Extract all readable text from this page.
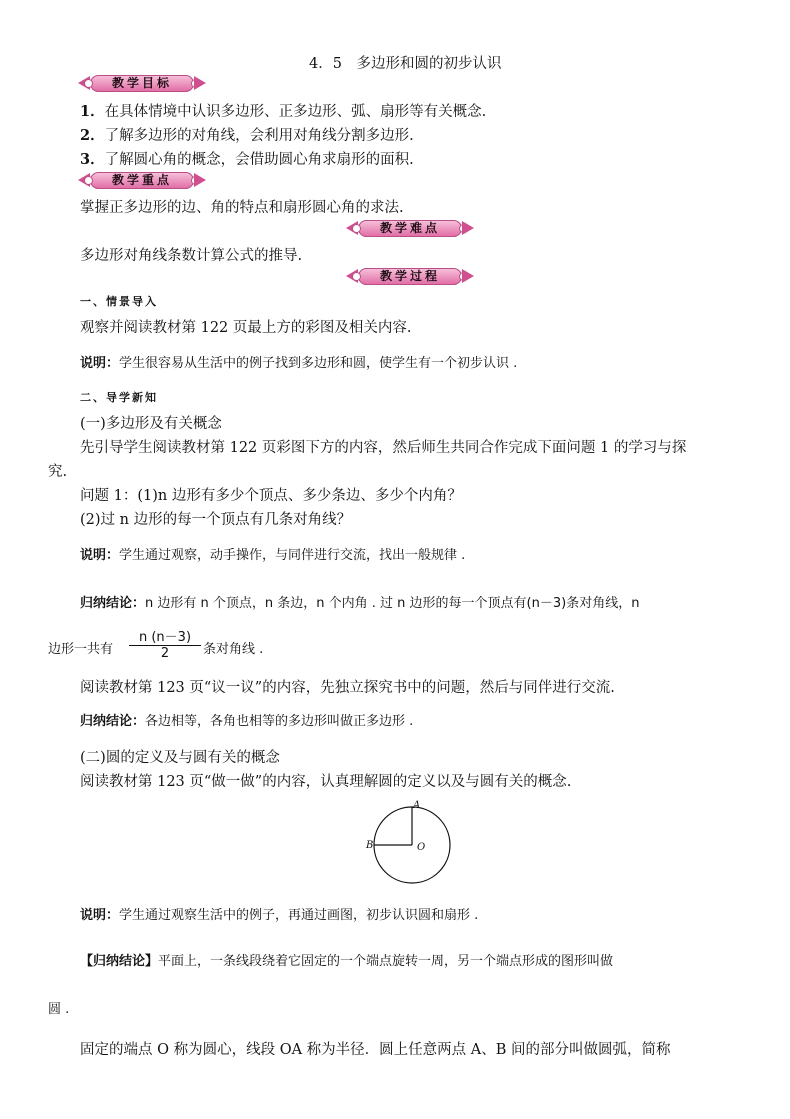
4．5　多边形和圆的初步认识
教学目标
1．在具体情境中认识多边形、正多边形、弧、扇形等有关概念.
2．了解多边形的对角线，会利用对角线分割多边形.
3．了解圆心角的概念，会借助圆心角求扇形的面积.
教学重点
掌握正多边形的边、角的特点和扇形圆心角的求法.
教学难点
多边形对角线条数计算公式的推导.
教学过程
一、情景导入
观察并阅读教材第 122 页最上方的彩图及相关内容.
说明：学生很容易从生活中的例子找到多边形和圆，使学生有一个初步认识 .
二、导学新知
(一)多边形及有关概念
先引导学生阅读教材第 122 页彩图下方的内容，然后师生共同合作完成下面问题 1 的学习与探
究.
问题 1：(1)n 边形有多少个顶点、多少条边、多少个内角？
(2)过 n 边形的每一个顶点有几条对角线？
说明：学生通过观察，动手操作，与同伴进行交流，找出一般规律 .
归纳结论：n 边形有 n 个顶点，n 条边，n 个内角 . 过 n 边形的每一个顶点有(n－3)条对角线，n
边形一共有 $\frac{n (n-3)}{2}$ 条对角线 .
阅读教材第 123 页“议一议”的内容，先独立探究书中的问题，然后与同伴进行交流.
归纳结论：各边相等，各角也相等的多边形叫做正多边形 .
(二)圆的定义及与圆有关的概念
阅读教材第 123 页“做一做”的内容，认真理解圆的定义以及与圆有关的概念.
A
B	O
说明：学生通过观察生活中的例子，再通过画图，初步认识圆和扇形 .
【归纳结论】平面上，一条线段绕着它固定的一个端点旋转一周，另一个端点形成的图形叫做
圆 .
固定的端点 O 称为圆心，线段 OA 称为半径．圆上任意两点 A、B 间的部分叫做圆弧，简称
